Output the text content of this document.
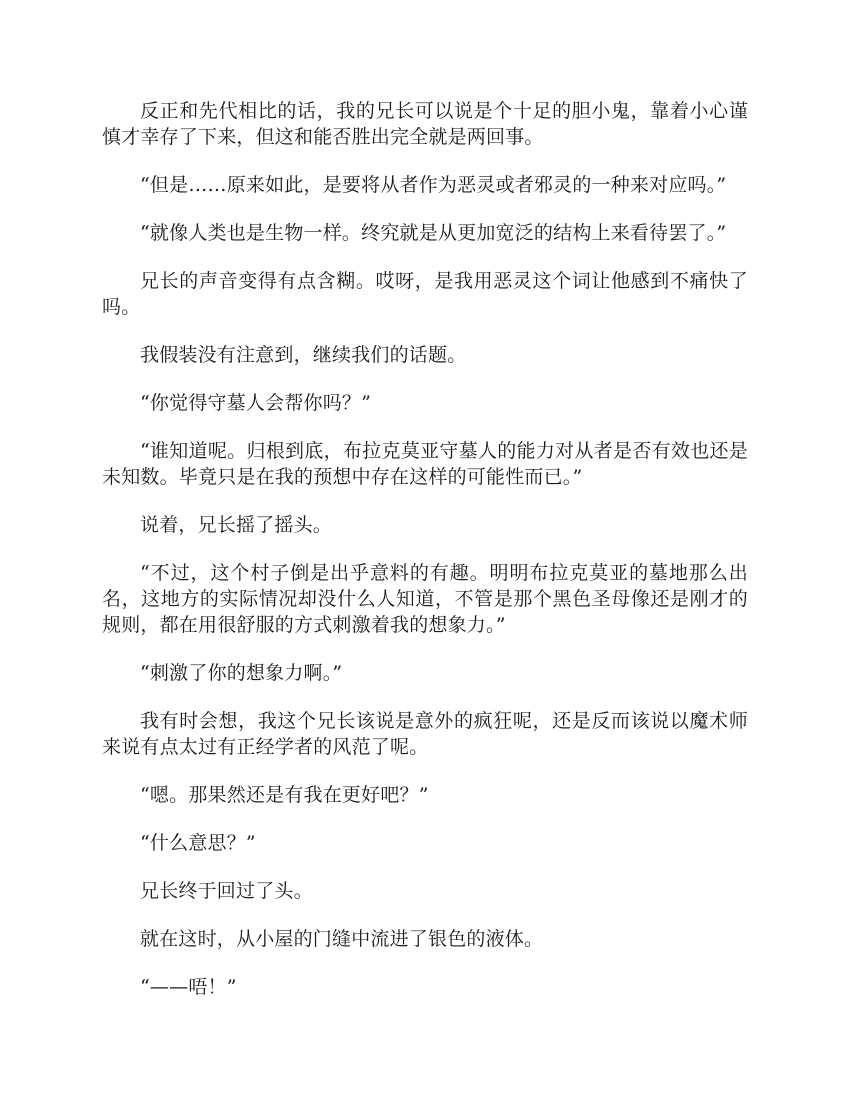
反正和先代相比的话，我的兄长可以说是个十足的胆小鬼，靠着小心谨慎才幸存了下来，但这和能否胜出完全就是两回事。

“但是……原来如此，是要将从者作为恶灵或者邪灵的一种来对应吗。”

“就像人类也是生物一样。终究就是从更加宽泛的结构上来看待罢了。”

兄长的声音变得有点含糊。哎呀，是我用恶灵这个词让他感到不痛快了吗。

我假装没有注意到，继续我们的话题。

“你觉得守墓人会帮你吗？”

“谁知道呢。归根到底，布拉克莫亚守墓人的能力对从者是否有效也还是未知数。毕竟只是在我的预想中存在这样的可能性而已。”

说着，兄长摇了摇头。

“不过，这个村子倒是出乎意料的有趣。明明布拉克莫亚的墓地那么出名，这地方的实际情况却没什么人知道，不管是那个黑色圣母像还是刚才的规则，都在用很舒服的方式刺激着我的想象力。”

“刺激了你的想象力啊。”

我有时会想，我这个兄长该说是意外的疯狂呢，还是反而该说以魔术师来说有点太过有正经学者的风范了呢。

“嗯。那果然还是有我在更好吧？”

“什么意思？”

兄长终于回过了头。

就在这时，从小屋的门缝中流进了银色的液体。

“——唔！”
